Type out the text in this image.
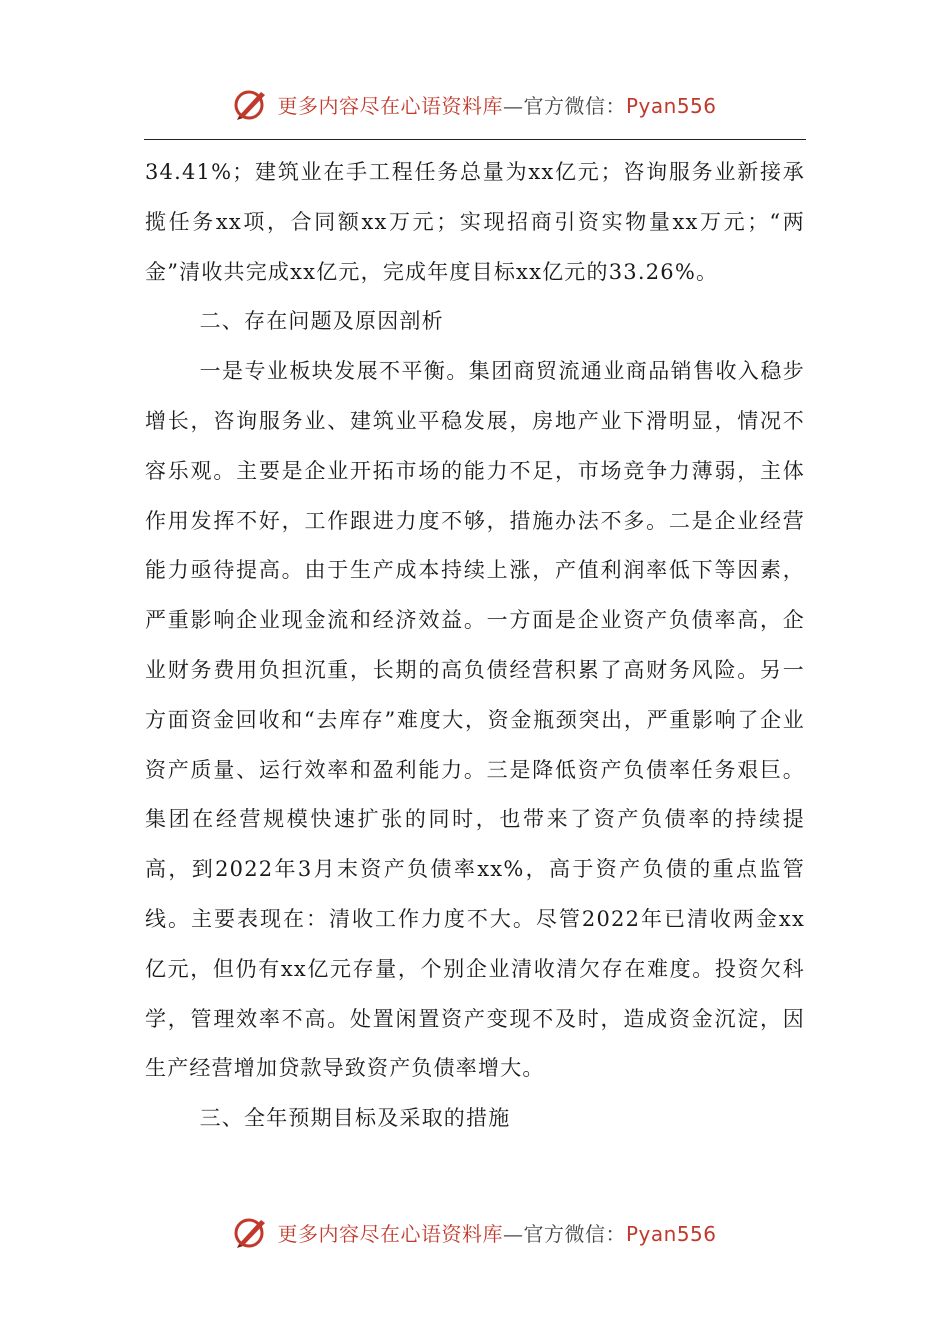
更多内容尽在心语资料库—官方微信：Pyan556

34.41%；建筑业在手工程任务总量为xx亿元；咨询服务业新接承揽任务xx项，合同额xx万元；实现招商引资实物量xx万元；“两金”清收共完成xx亿元，完成年度目标xx亿元的33.26%。

二、存在问题及原因剖析

一是专业板块发展不平衡。集团商贸流通业商品销售收入稳步增长，咨询服务业、建筑业平稳发展，房地产业下滑明显，情况不容乐观。主要是企业开拓市场的能力不足，市场竞争力薄弱，主体作用发挥不好，工作跟进力度不够，措施办法不多。二是企业经营能力亟待提高。由于生产成本持续上涨，产值利润率低下等因素，严重影响企业现金流和经济效益。一方面是企业资产负债率高，企业财务费用负担沉重，长期的高负债经营积累了高财务风险。另一方面资金回收和“去库存”难度大，资金瓶颈突出，严重影响了企业资产质量、运行效率和盈利能力。三是降低资产负债率任务艰巨。集团在经营规模快速扩张的同时，也带来了资产负债率的持续提高，到2022年3月末资产负债率xx%，高于资产负债的重点监管线。主要表现在：清收工作力度不大。尽管2022年已清收两金xx亿元，但仍有xx亿元存量，个别企业清收清欠存在难度。投资欠科学，管理效率不高。处置闲置资产变现不及时，造成资金沉淀，因生产经营增加贷款导致资产负债率增大。

三、全年预期目标及采取的措施

更多内容尽在心语资料库—官方微信：Pyan556
